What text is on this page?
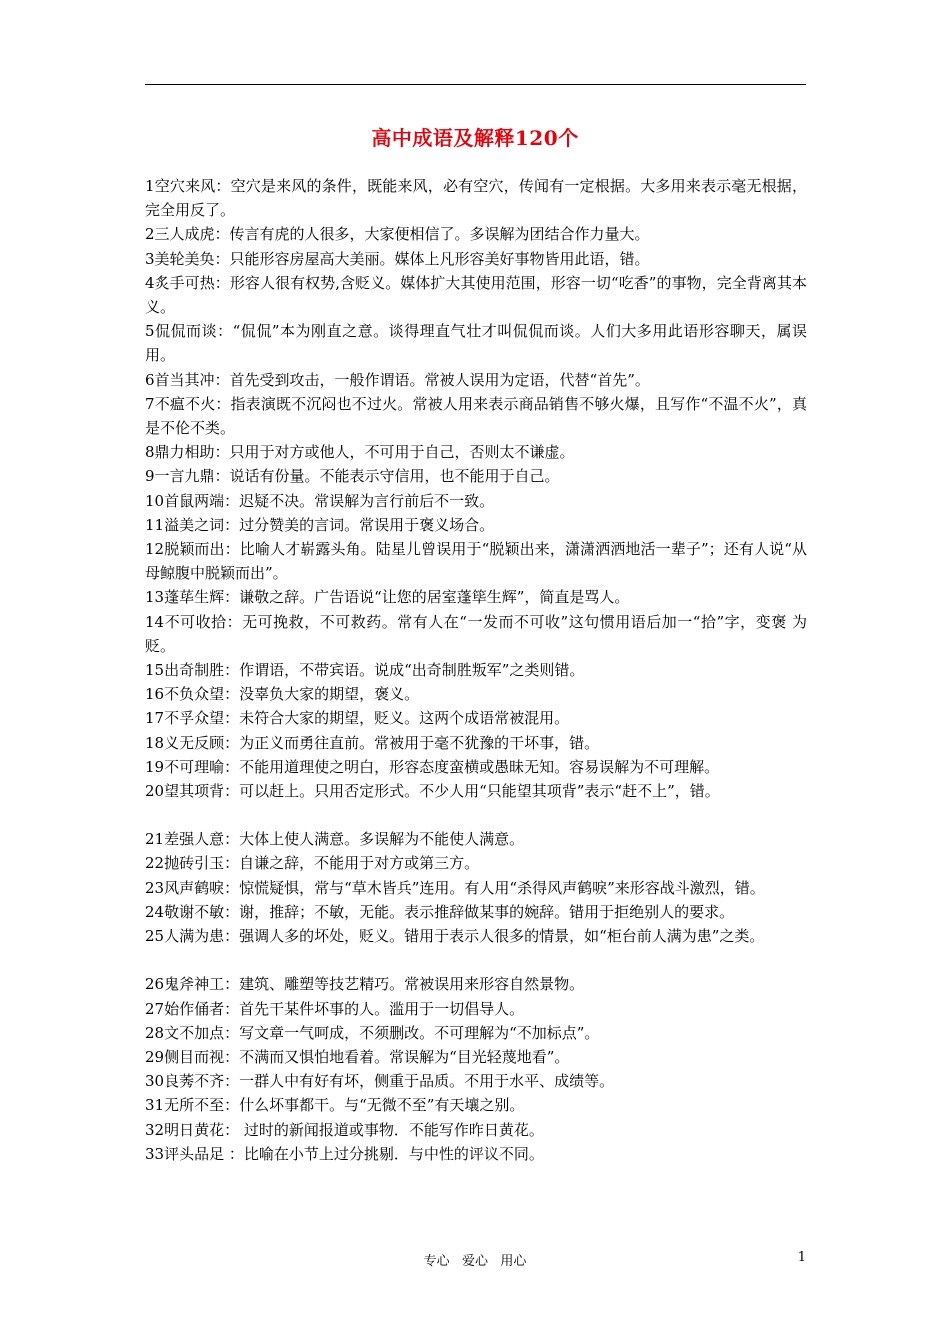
高中成语及解释120个

1空穴来风：空穴是来风的条件，既能来风，必有空穴，传闻有一定根据。大多用来表示毫无根据，完全用反了。

2三人成虎：传言有虎的人很多，大家便相信了。多误解为团结合作力量大。

3美轮美奂：只能形容房屋高大美丽。媒体上凡形容美好事物皆用此语，错。

4炙手可热：形容人很有权势,含贬义。媒体扩大其使用范围，形容一切“吃香”的事物，完全背离其本义。

5侃侃而谈：“侃侃”本为刚直之意。谈得理直气壮才叫侃侃而谈。人们大多用此语形容聊天，属误用。

6首当其冲：首先受到攻击，一般作谓语。常被人误用为定语，代替“首先”。

7不瘟不火：指表演既不沉闷也不过火。常被人用来表示商品销售不够火爆，且写作“不温不火”，真是不伦不类。

8鼎力相助：只用于对方或他人，不可用于自己，否则太不谦虚。

9一言九鼎：说话有份量。不能表示守信用，也不能用于自己。

10首鼠两端：迟疑不决。常误解为言行前后不一致。

11溢美之词：过分赞美的言词。常误用于褒义场合。

12脱颖而出：比喻人才崭露头角。陆星儿曾误用于“脱颖出来，潇潇洒洒地活一辈子”；还有人说“从母鲸腹中脱颖而出”。

13蓬荜生辉：谦敬之辞。广告语说“让您的居室蓬筚生辉”，简直是骂人。

14不可收拾：无可挽救，不可救药。常有人在“一发而不可收”这句惯用语后加一“拾”字，变褒 为贬。

15出奇制胜：作谓语，不带宾语。说成“出奇制胜叛军”之类则错。

16不负众望：没辜负大家的期望，褒义。

17不孚众望：未符合大家的期望，贬义。这两个成语常被混用。

18义无反顾：为正义而勇往直前。常被用于毫不犹豫的干坏事，错。

19不可理喻：不能用道理使之明白，形容态度蛮横或愚昧无知。容易误解为不可理解。

20望其项背：可以赶上。只用否定形式。不少人用“只能望其项背”表示“赶不上”，错。

21差强人意：大体上使人满意。多误解为不能使人满意。

22抛砖引玉：自谦之辞，不能用于对方或第三方。

23风声鹤唳：惊慌疑惧，常与“草木皆兵”连用。有人用“杀得风声鹤唳”来形容战斗激烈，错。

24敬谢不敏：谢，推辞；不敏，无能。表示推辞做某事的婉辞。错用于拒绝别人的要求。

25人满为患：强调人多的坏处，贬义。错用于表示人很多的情景，如“柜台前人满为患”之类。

26鬼斧神工：建筑、雕塑等技艺精巧。常被误用来形容自然景物。

27始作俑者：首先干某件坏事的人。滥用于一切倡导人。

28文不加点：写文章一气呵成，不须删改。不可理解为“不加标点”。

29侧目而视：不满而又惧怕地看着。常误解为“目光轻蔑地看”。

30良莠不齐：一群人中有好有坏，侧重于品质。不用于水平、成绩等。

31无所不至：什么坏事都干。与“无微不至”有天壤之别。

32明日黄花： 过时的新闻报道或事物．不能写作昨日黄花。

33评头品足 ：比喻在小节上过分挑剔．与中性的评议不同。

专心   爱心   用心	1
